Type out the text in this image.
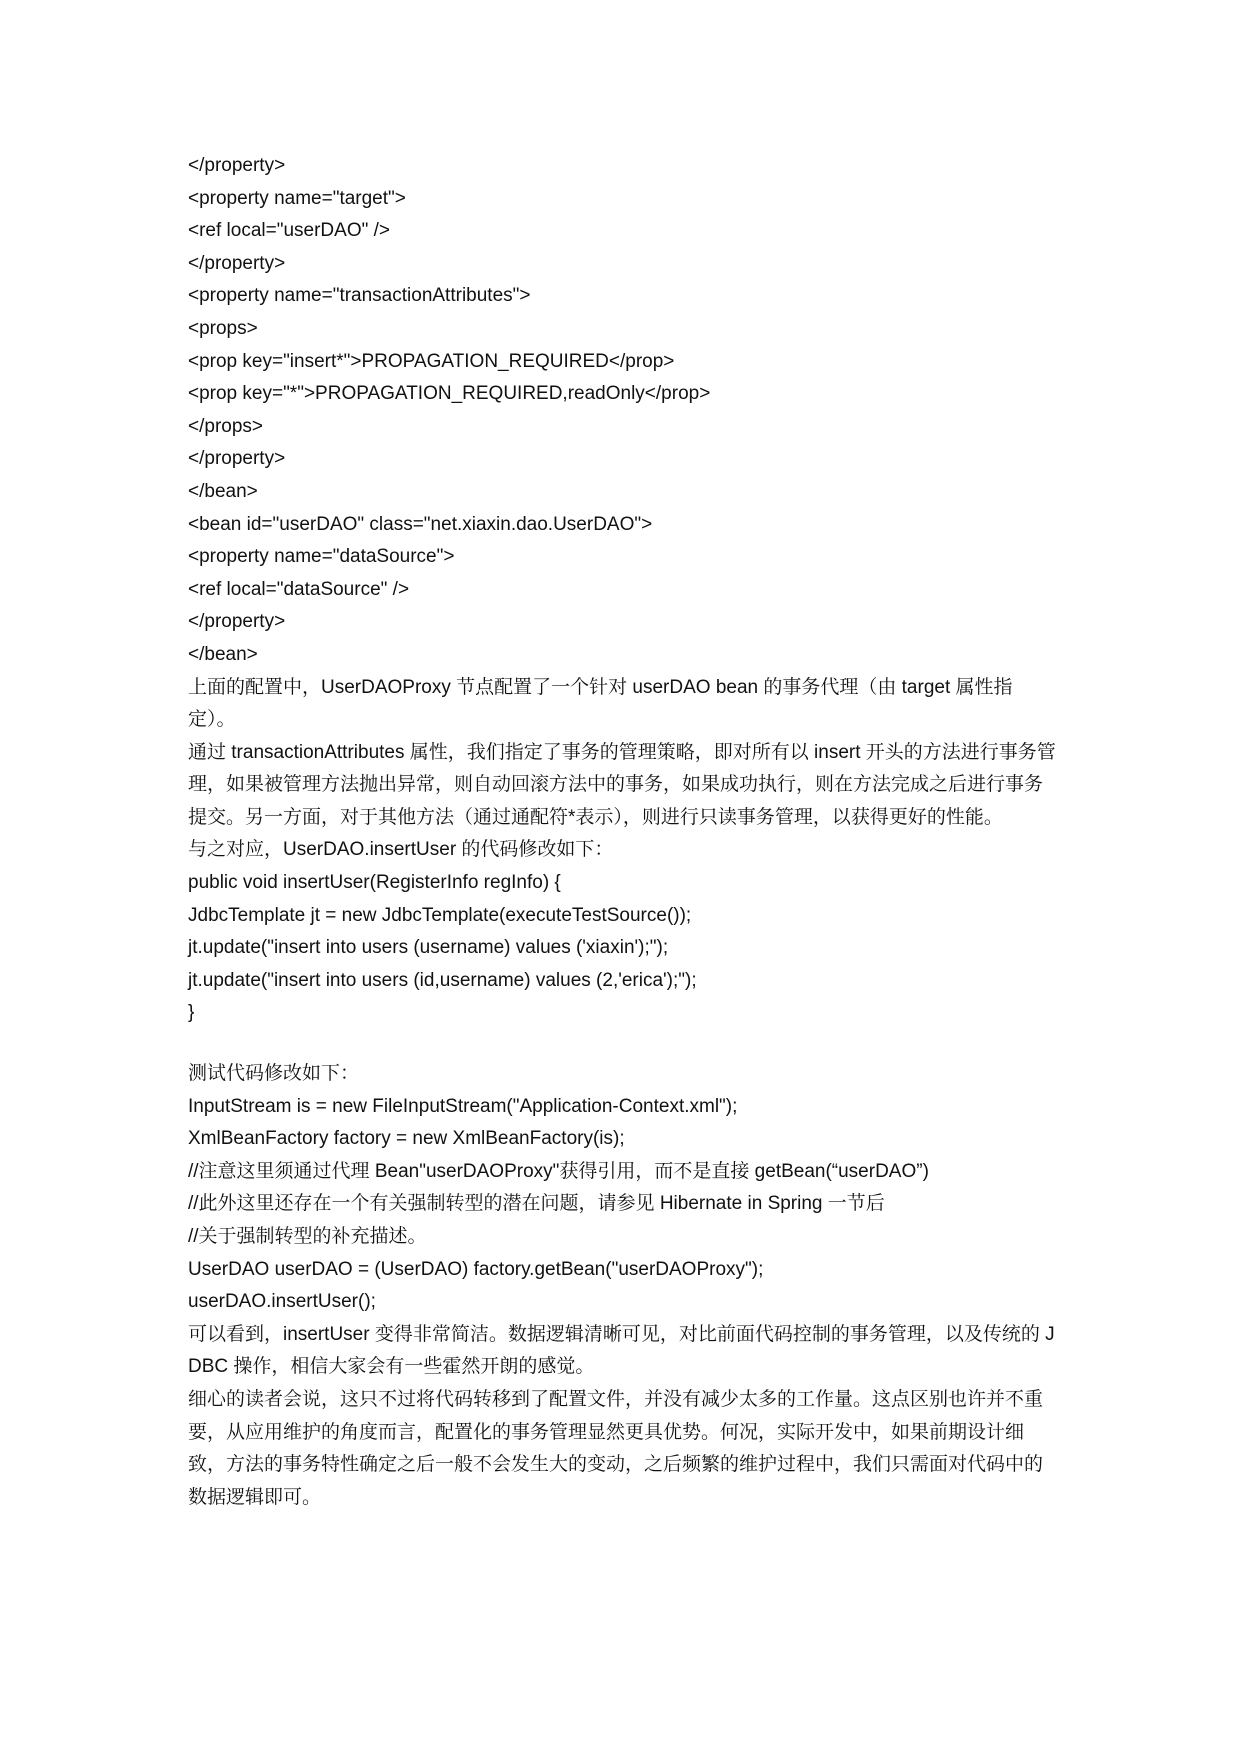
</property>
<property name="target">
<ref local="userDAO" />
</property>
<property name="transactionAttributes">
<props>
<prop key="insert*">PROPAGATION_REQUIRED</prop>
<prop key="*">PROPAGATION_REQUIRED,readOnly</prop>
</props>
</property>
</bean>
<bean id="userDAO" class="net.xiaxin.dao.UserDAO">
<property name="dataSource">
<ref local="dataSource" />
</property>
</bean>
上面的配置中，UserDAOProxy 节点配置了一个针对 userDAO bean 的事务代理（由 target 属性指定）。
通过 transactionAttributes 属性，我们指定了事务的管理策略，即对所有以 insert 开头的方法进行事务管理，如果被管理方法抛出异常，则自动回滚方法中的事务，如果成功执行，则在方法完成之后进行事务提交。另一方面，对于其他方法（通过通配符*表示），则进行只读事务管理，以获得更好的性能。
与之对应，UserDAO.insertUser 的代码修改如下：
public void insertUser(RegisterInfo regInfo) {
JdbcTemplate jt = new JdbcTemplate(executeTestSource());
jt.update("insert into users (username) values ('xiaxin');");
jt.update("insert into users (id,username) values (2,'erica');");
}
测试代码修改如下：
InputStream is = new FileInputStream("Application-Context.xml");
XmlBeanFactory factory = new XmlBeanFactory(is);
//注意这里须通过代理 Bean"userDAOProxy"获得引用，而不是直接 getBean(“userDAO”)
//此外这里还存在一个有关强制转型的潜在问题，请参见 Hibernate in Spring 一节后
//关于强制转型的补充描述。
UserDAO userDAO = (UserDAO) factory.getBean("userDAOProxy");
userDAO.insertUser();
可以看到，insertUser 变得非常简洁。数据逻辑清晰可见，对比前面代码控制的事务管理，以及传统的 JDBC 操作，相信大家会有一些霍然开朗的感觉。
细心的读者会说，这只不过将代码转移到了配置文件，并没有减少太多的工作量。这点区别也许并不重要，从应用维护的角度而言，配置化的事务管理显然更具优势。何况，实际开发中，如果前期设计细致，方法的事务特性确定之后一般不会发生大的变动，之后频繁的维护过程中，我们只需面对代码中的数据逻辑即可。
